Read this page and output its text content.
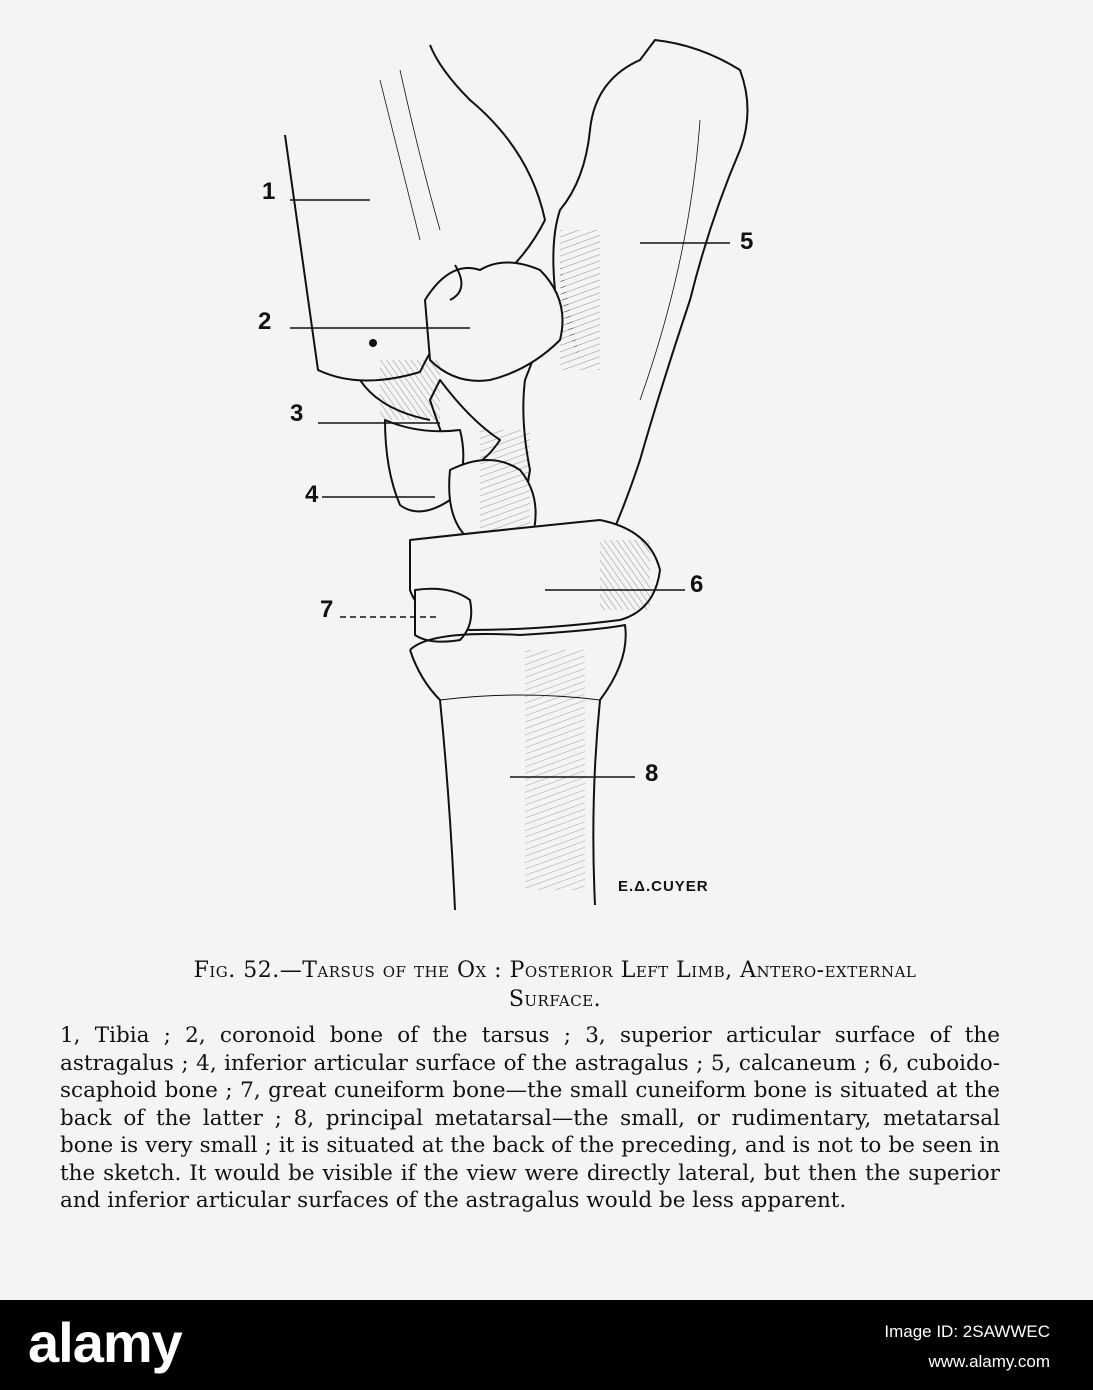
1
2
3
4
5
6
7
8
E.Δ.CUYER
Fig. 52.—Tarsus of the Ox : Posterior Left Limb, Antero-external
Surface.

1, Tibia ; 2, coronoid bone of the tarsus ; 3, superior articular surface of the astragalus ; 4, inferior articular surface of the astragalus ; 5, calcaneum ; 6, cuboido-scaphoid bone ; 7, great cuneiform bone—the small cuneiform bone is situated at the back of the latter ; 8, principal metatarsal—the small, or rudimentary, metatarsal bone is very small ; it is situated at the back of the preceding, and is not to be seen in the sketch. It would be visible if the view were directly lateral, but then the superior and inferior articular surfaces of the astragalus would be less apparent.

alamy	Image ID: 2SAWWEC
www.alamy.com
